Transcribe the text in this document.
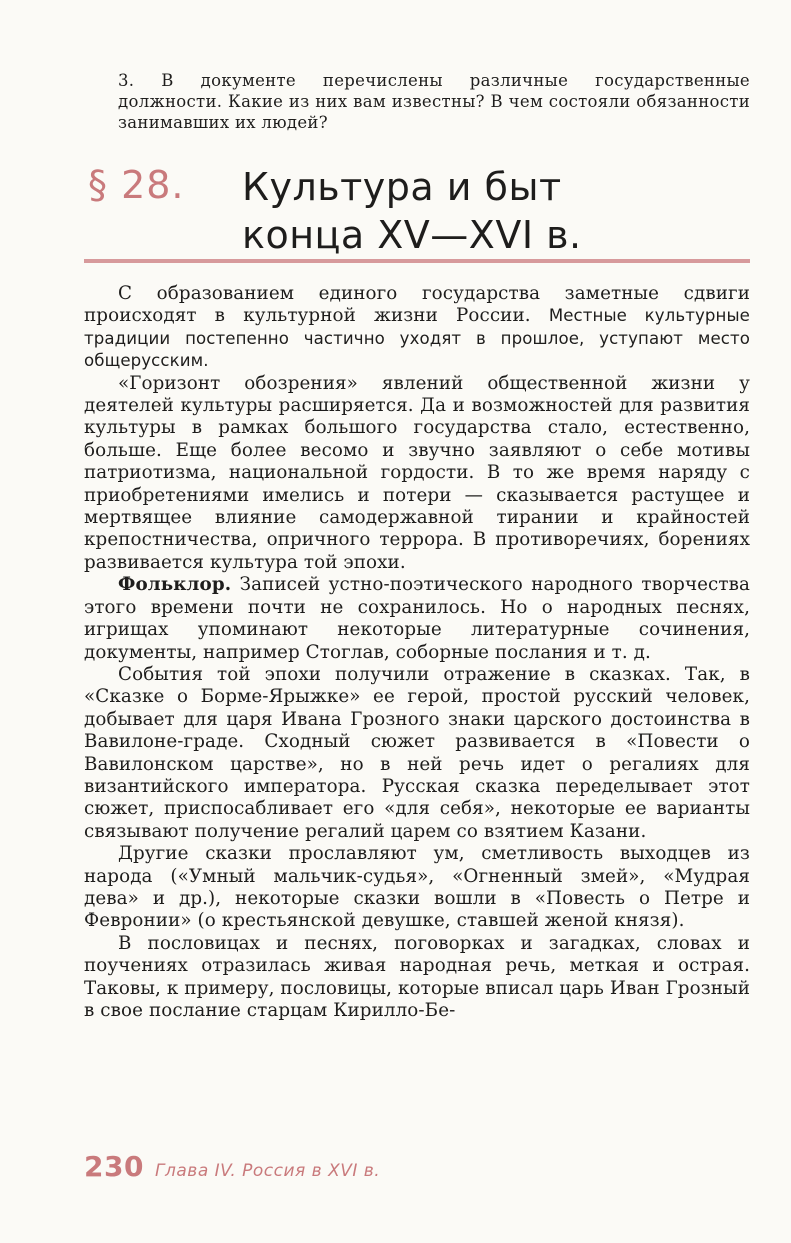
3. В документе перечислены различные государственные должности. Какие из них вам известны? В чем состояли обязанности занимавших их людей?
§ 28. Культура и быт
конца XV—XVI в.

С образованием единого государства заметные сдвиги происходят в культурной жизни России. Местные культурные традиции постепенно частично уходят в прошлое, уступают место общерусским.

«Горизонт обозрения» явлений общественной жизни у деятелей культуры расширяется. Да и возможностей для развития культуры в рамках большого государства стало, естественно, больше. Еще более весомо и звучно заявляют о себе мотивы патриотизма, национальной гордости. В то же время наряду с приобретениями имелись и потери — сказывается растущее и мертвящее влияние самодержавной тирании и крайностей крепостничества, опричного террора. В противоречиях, борениях развивается культура той эпохи.

Фольклор. Записей устно-поэтического народного творчества этого времени почти не сохранилось. Но о народных песнях, игрищах упоминают некоторые литературные сочинения, документы, например Стоглав, соборные послания и т. д.

События той эпохи получили отражение в сказках. Так, в «Сказке о Борме-Ярыжке» ее герой, простой русский человек, добывает для царя Ивана Грозного знаки царского достоинства в Вавилоне-граде. Сходный сюжет развивается в «Повести о Вавилонском царстве», но в ней речь идет о регалиях для византийского императора. Русская сказка переделывает этот сюжет, приспосабливает его «для себя», некоторые ее варианты связывают получение регалий царем со взятием Казани.

Другие сказки прославляют ум, сметливость выходцев из народа («Умный мальчик-судья», «Огненный змей», «Мудрая дева» и др.), некоторые сказки вошли в «Повесть о Петре и Февронии» (о крестьянской девушке, ставшей женой князя).

В пословицах и песнях, поговорках и загадках, словах и поучениях отразилась живая народная речь, меткая и острая. Таковы, к примеру, пословицы, которые вписал царь Иван Грозный в свое послание старцам Кирилло-Бе-

230 Глава IV. Россия в XVI в.
